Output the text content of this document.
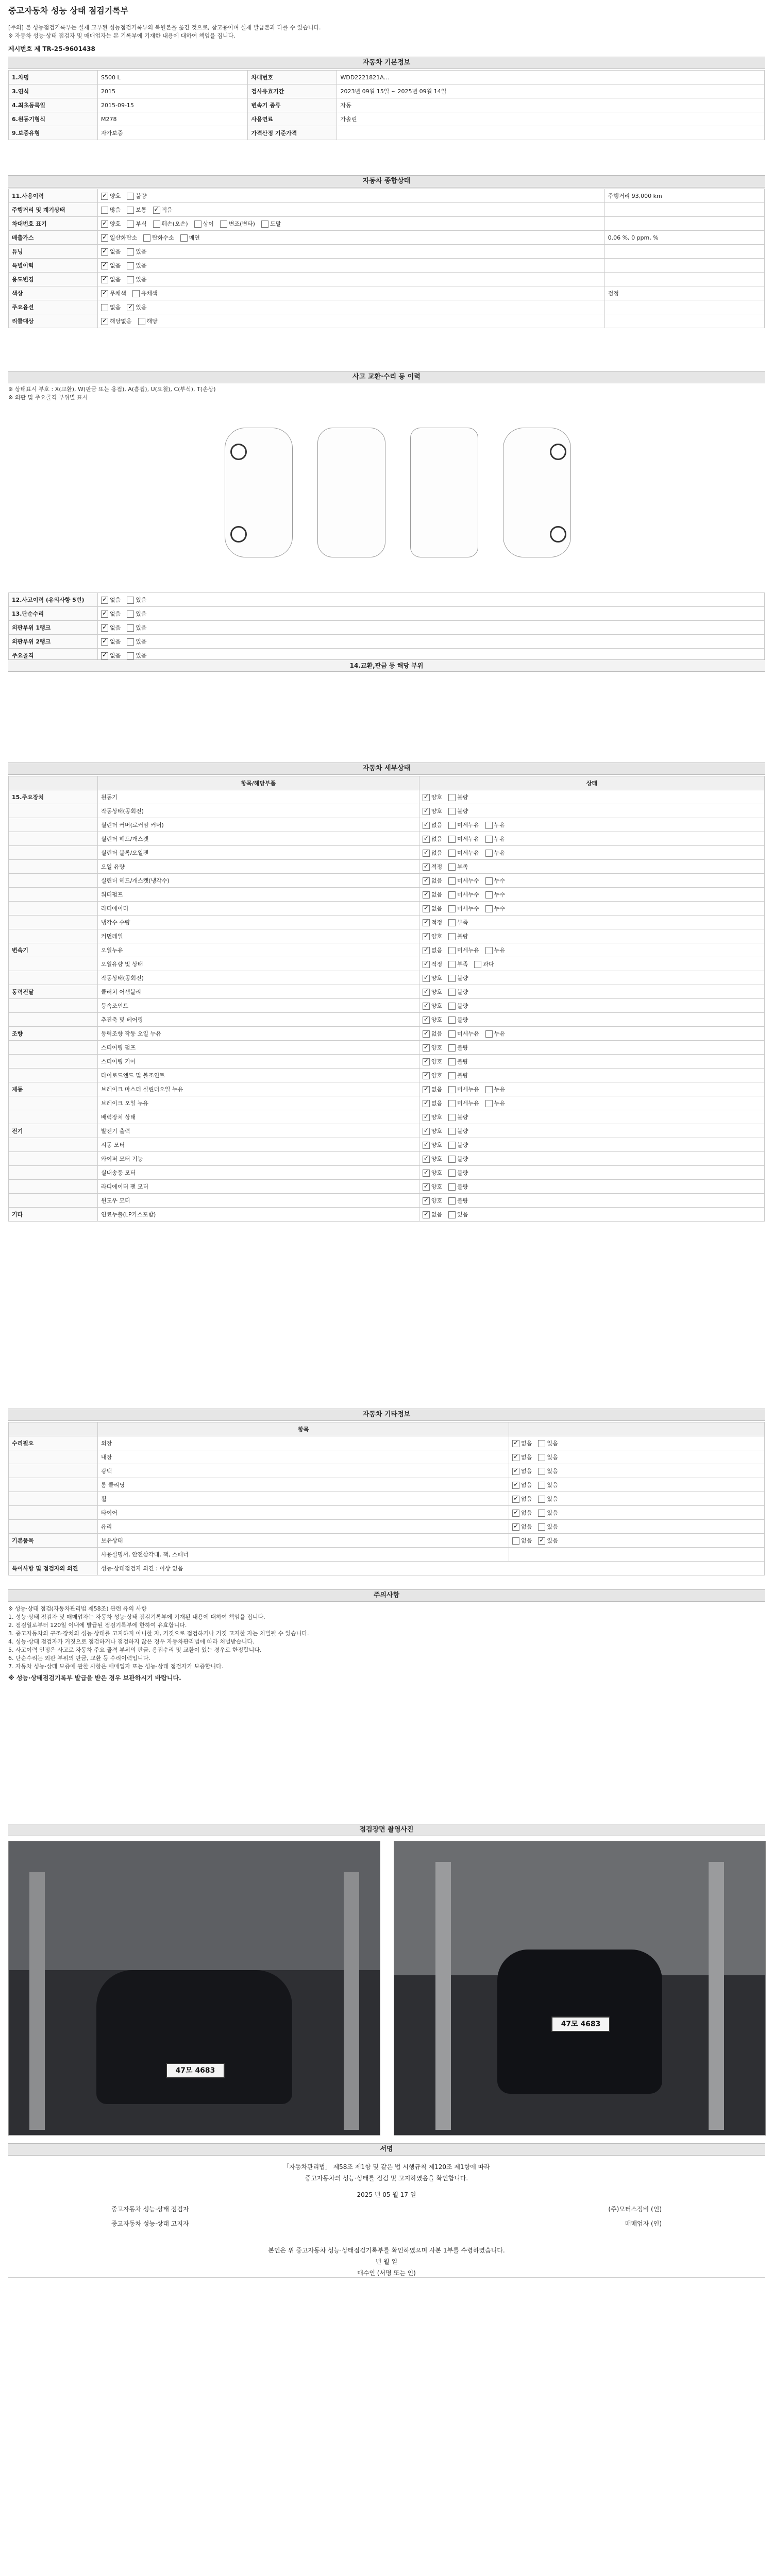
중고자동차 성능 상태 점검기록부
[주의] 본 성능점검기록부는 실제 교부된 성능점검기록부의 복원본을 옮긴 것으로, 참고용이며 실제 발급본과 다를 수 있습니다.
※ 자동차 성능·상태 점검자 및 매매업자는 본 기록부에 기재한 내용에 대하여 책임을 집니다.
제시번호 제 TR-25-9601438
자동차 기본정보
1.차명	S500 L	차대번호	WDD2221821A...
3.연식	2015	검사유효기간	2023년 09월 15일 ~ 2025년 09월 14일
4.최초등록일	2015-09-15	변속기 종류	자동
6.원동기형식	M278	사용연료	가솔린
9.보증유형	자가보증	가격산정 기준가격	
자동차 종합상태
11.사용이력	✓양호 불량	주행거리 93,000 km
주행거리 및 계기상태	많음 보통 ✓ 적음	
차대번호 표기	✓양호 부식 훼손(오손) 상이 변조(변타) 도말	
배출가스	✓일산화탄소 탄화수소 매연	0.06 %, 0 ppm, %
튜닝	✓없음 있음	
특별이력	✓없음 있음	
용도변경	✓없음 있음	
색상	✓무채색 유채색	검정
주요옵션	없음 ✓ 있음	
리콜대상	✓해당없음 해당	
사고 교환·수리 등 이력
※ 상태표시 부호 : X(교환), W(판금 또는 용접), A(흠집), U(요철), C(부식), T(손상)
※ 외판 및 주요골격 부위별 표시
12.사고이력 (유의사항 5번)	✓없음 있음
13.단순수리	✓없음 있음
외판부위 1랭크	✓없음 있음
외판부위 2랭크	✓없음 있음
주요골격	✓없음 있음
14.교환,판금 등 해당 부위
자동차 세부상태
	항목/해당부품	상태
15.주요장치	원동기	✓양호 불량
	작동상태(공회전)	✓양호 불량
	실린더 커버(로커암 커버)	✓없음 미세누유 누유
	실린더 헤드/개스켓	✓없음 미세누유 누유
	실린더 블록/오일팬	✓없음 미세누유 누유
	오일 유량	✓적정 부족
	실린더 헤드/개스켓(냉각수)	✓없음 미세누수 누수
	워터펌프	✓없음 미세누수 누수
	라디에이터	✓없음 미세누수 누수
	냉각수 수량	✓적정 부족
	커먼레일	✓양호 불량
변속기	오일누유	✓없음 미세누유 누유
	오일유량 및 상태	✓적정 부족 과다
	작동상태(공회전)	✓양호 불량
동력전달	클러치 어셈블리	✓양호 불량
	등속조인트	✓양호 불량
	추진축 및 베어링	✓양호 불량
조향	동력조향 작동 오일 누유	✓없음 미세누유 누유
	스티어링 펌프	✓양호 불량
	스티어링 기어	✓양호 불량
	타이로드엔드 및 볼조인트	✓양호 불량
제동	브레이크 마스터 실린더오일 누유	✓없음 미세누유 누유
	브레이크 오일 누유	✓없음 미세누유 누유
	배력장치 상태	✓양호 불량
전기	발전기 출력	✓양호 불량
	시동 모터	✓양호 불량
	와이퍼 모터 기능	✓양호 불량
	실내송풍 모터	✓양호 불량
	라디에이터 팬 모터	✓양호 불량
	윈도우 모터	✓양호 불량
기타	연료누출(LP가스포함)	✓없음 있음
자동차 기타정보
	항목	
수리필요	외장	✓없음 있음
	내장	✓없음 있음
	광택	✓없음 있음
	룸 클리닝	✓없음 있음
	휠	✓없음 있음
	타이어	✓없음 있음
	유리	✓없음 있음
기본품목	보유상태	없음 ✓ 있음
	사용설명서, 안전삼각대, 잭, 스패너	
특이사항 및 점검자의 의견	성능·상태점검자 의견 : 이상 없음	
주의사항
※ 성능·상태 점검(자동차관리법 제58조) 관련 유의 사항
1. 성능·상태 점검자 및 매매업자는 자동차 성능·상태 점검기록부에 기재된 내용에 대하여 책임을 집니다.
2. 점검일로부터 120일 이내에 발급된 점검기록부에 한하여 유효합니다.
3. 중고자동차의 구조·장치의 성능·상태를 고지하지 아니한 자, 거짓으로 점검하거나 거짓 고지한 자는 처벌될 수 있습니다.
4. 성능·상태 점검자가 거짓으로 점검하거나 점검하지 않은 경우 자동차관리법에 따라 처벌받습니다.
5. 사고이력 인정은 사고로 자동차 주요 골격 부위의 판금, 용접수리 및 교환이 있는 경우로 한정합니다.
6. 단순수리는 외판 부위의 판금, 교환 등 수리이력입니다.
7. 자동차 성능·상태 보증에 관한 사항은 매매업자 또는 성능·상태 점검자가 보증합니다.
※ 성능·상태점검기록부 발급을 받은 경우 보관하시기 바랍니다.
점검장면 촬영사진
47모 4683
47모 4683
서명
「자동차관리법」 제58조 제1항 및 같은 법 시행규칙 제120조 제1항에 따라
중고자동차의 성능·상태를 점검 및 고지하였음을 확인합니다.
2025 년 05 월 17 일
중고자동차 성능·상태 점검자	(주)모터스정비 (인)
중고자동차 성능·상태 고지자	매매업자 (인)
본인은 위 중고자동차 성능·상태점검기록부를 확인하였으며 사본 1부를 수령하였습니다.
년 월 일
매수인 (서명 또는 인)
